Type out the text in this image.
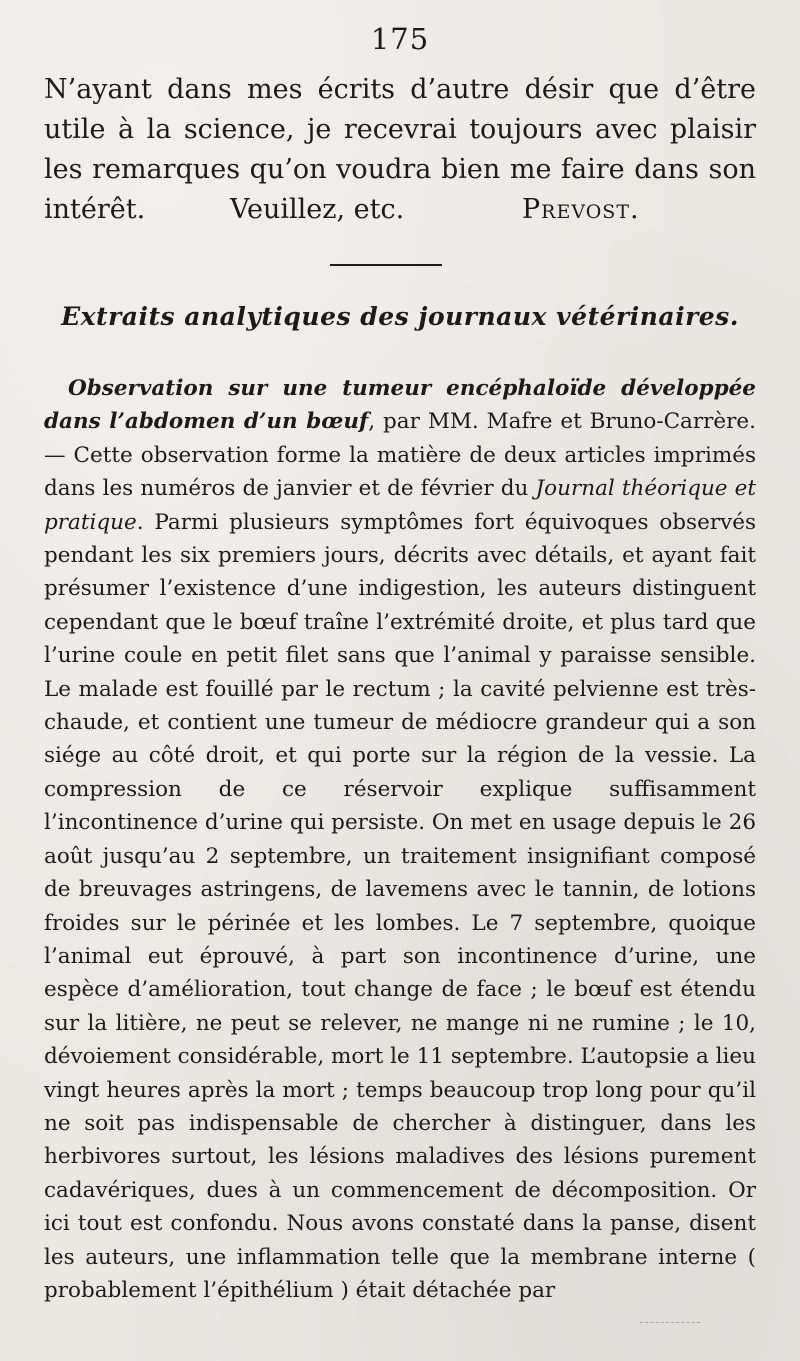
175

N’ayant dans mes écrits d’autre désir que d’être utile à la science, je recevrai toujours avec plaisir les remarques qu’on voudra bien me faire dans son intérêt.	Veuillez, etc.	Prevost.
Extraits analytiques des journaux vétérinaires.

Observation sur une tumeur encéphaloïde développée dans l’abdomen d’un bœuf, par MM. Mafre et Bruno-Carrère. — Cette observation forme la matière de deux articles imprimés dans les numéros de janvier et de février du Journal théorique et pratique. Parmi plusieurs symptômes fort équivoques observés pendant les six premiers jours, décrits avec détails, et ayant fait présumer l’existence d’une indigestion, les auteurs distinguent cependant que le bœuf traîne l’extrémité droite, et plus tard que l’urine coule en petit filet sans que l’animal y paraisse sensible. Le malade est fouillé par le rectum ; la cavité pelvienne est très-chaude, et contient une tumeur de médiocre grandeur qui a son siége au côté droit, et qui porte sur la région de la vessie. La compression de ce réservoir explique suffisamment l’incontinence d’urine qui persiste. On met en usage depuis le 26 août jusqu’au 2 septembre, un traitement insignifiant composé de breuvages astringens, de lavemens avec le tannin, de lotions froides sur le périnée et les lombes. Le 7 septembre, quoique l’animal eut éprouvé, à part son incontinence d’urine, une espèce d’amélioration, tout change de face ; le bœuf est étendu sur la litière, ne peut se relever, ne mange ni ne rumine ; le 10, dévoiement considérable, mort le 11 septembre. L’autopsie a lieu vingt heures après la mort ; temps beaucoup trop long pour qu’il ne soit pas indispensable de chercher à distinguer, dans les herbivores surtout, les lésions maladives des lésions purement cadavériques, dues à un commencement de décomposition. Or ici tout est confondu. Nous avons constaté dans la panse, disent les auteurs, une inflammation telle que la membrane interne ( probablement l’épithélium ) était détachée par
